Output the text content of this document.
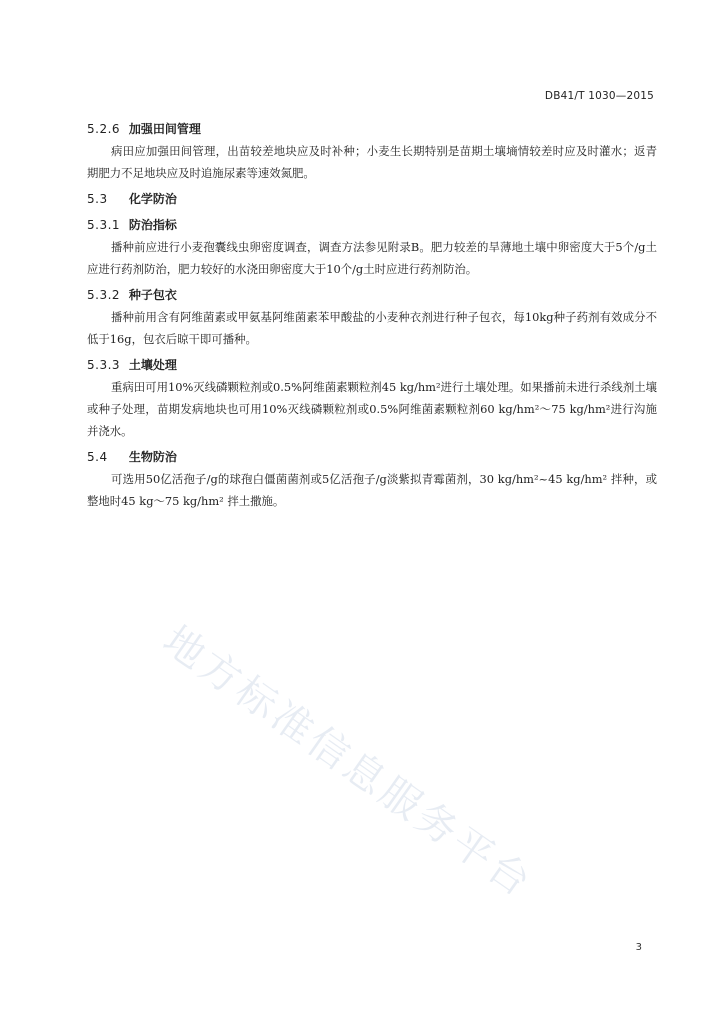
DB41/T 1030—2015
5.2.6 加强田间管理

病田应加强田间管理，出苗较差地块应及时补种；小麦生长期特别是苗期土壤墒情较差时应及时灌水；返青期肥力不足地块应及时追施尿素等速效氮肥。

5.3 化学防治
5.3.1 防治指标

播种前应进行小麦孢囊线虫卵密度调查，调查方法参见附录B。肥力较差的旱薄地土壤中卵密度大于5个/g土应进行药剂防治，肥力较好的水浇田卵密度大于10个/g土时应进行药剂防治。

5.3.2 种子包衣

播种前用含有阿维菌素或甲氨基阿维菌素苯甲酸盐的小麦种衣剂进行种子包衣，每10kg种子药剂有效成分不低于16g，包衣后晾干即可播种。

5.3.3 土壤处理

重病田可用10%灭线磷颗粒剂或0.5%阿维菌素颗粒剂45 kg/hm²进行土壤处理。如果播前未进行杀线剂土壤或种子处理，苗期发病地块也可用10%灭线磷颗粒剂或0.5%阿维菌素颗粒剂60 kg/hm²～75 kg/hm²进行沟施并浇水。

5.4 生物防治

可选用50亿活孢子/g的球孢白僵菌菌剂或5亿活孢子/g淡紫拟青霉菌剂，30 kg/hm²~45 kg/hm² 拌种，或整地时45 kg～75 kg/hm² 拌土撒施。

地方标准信息服务平台
3
